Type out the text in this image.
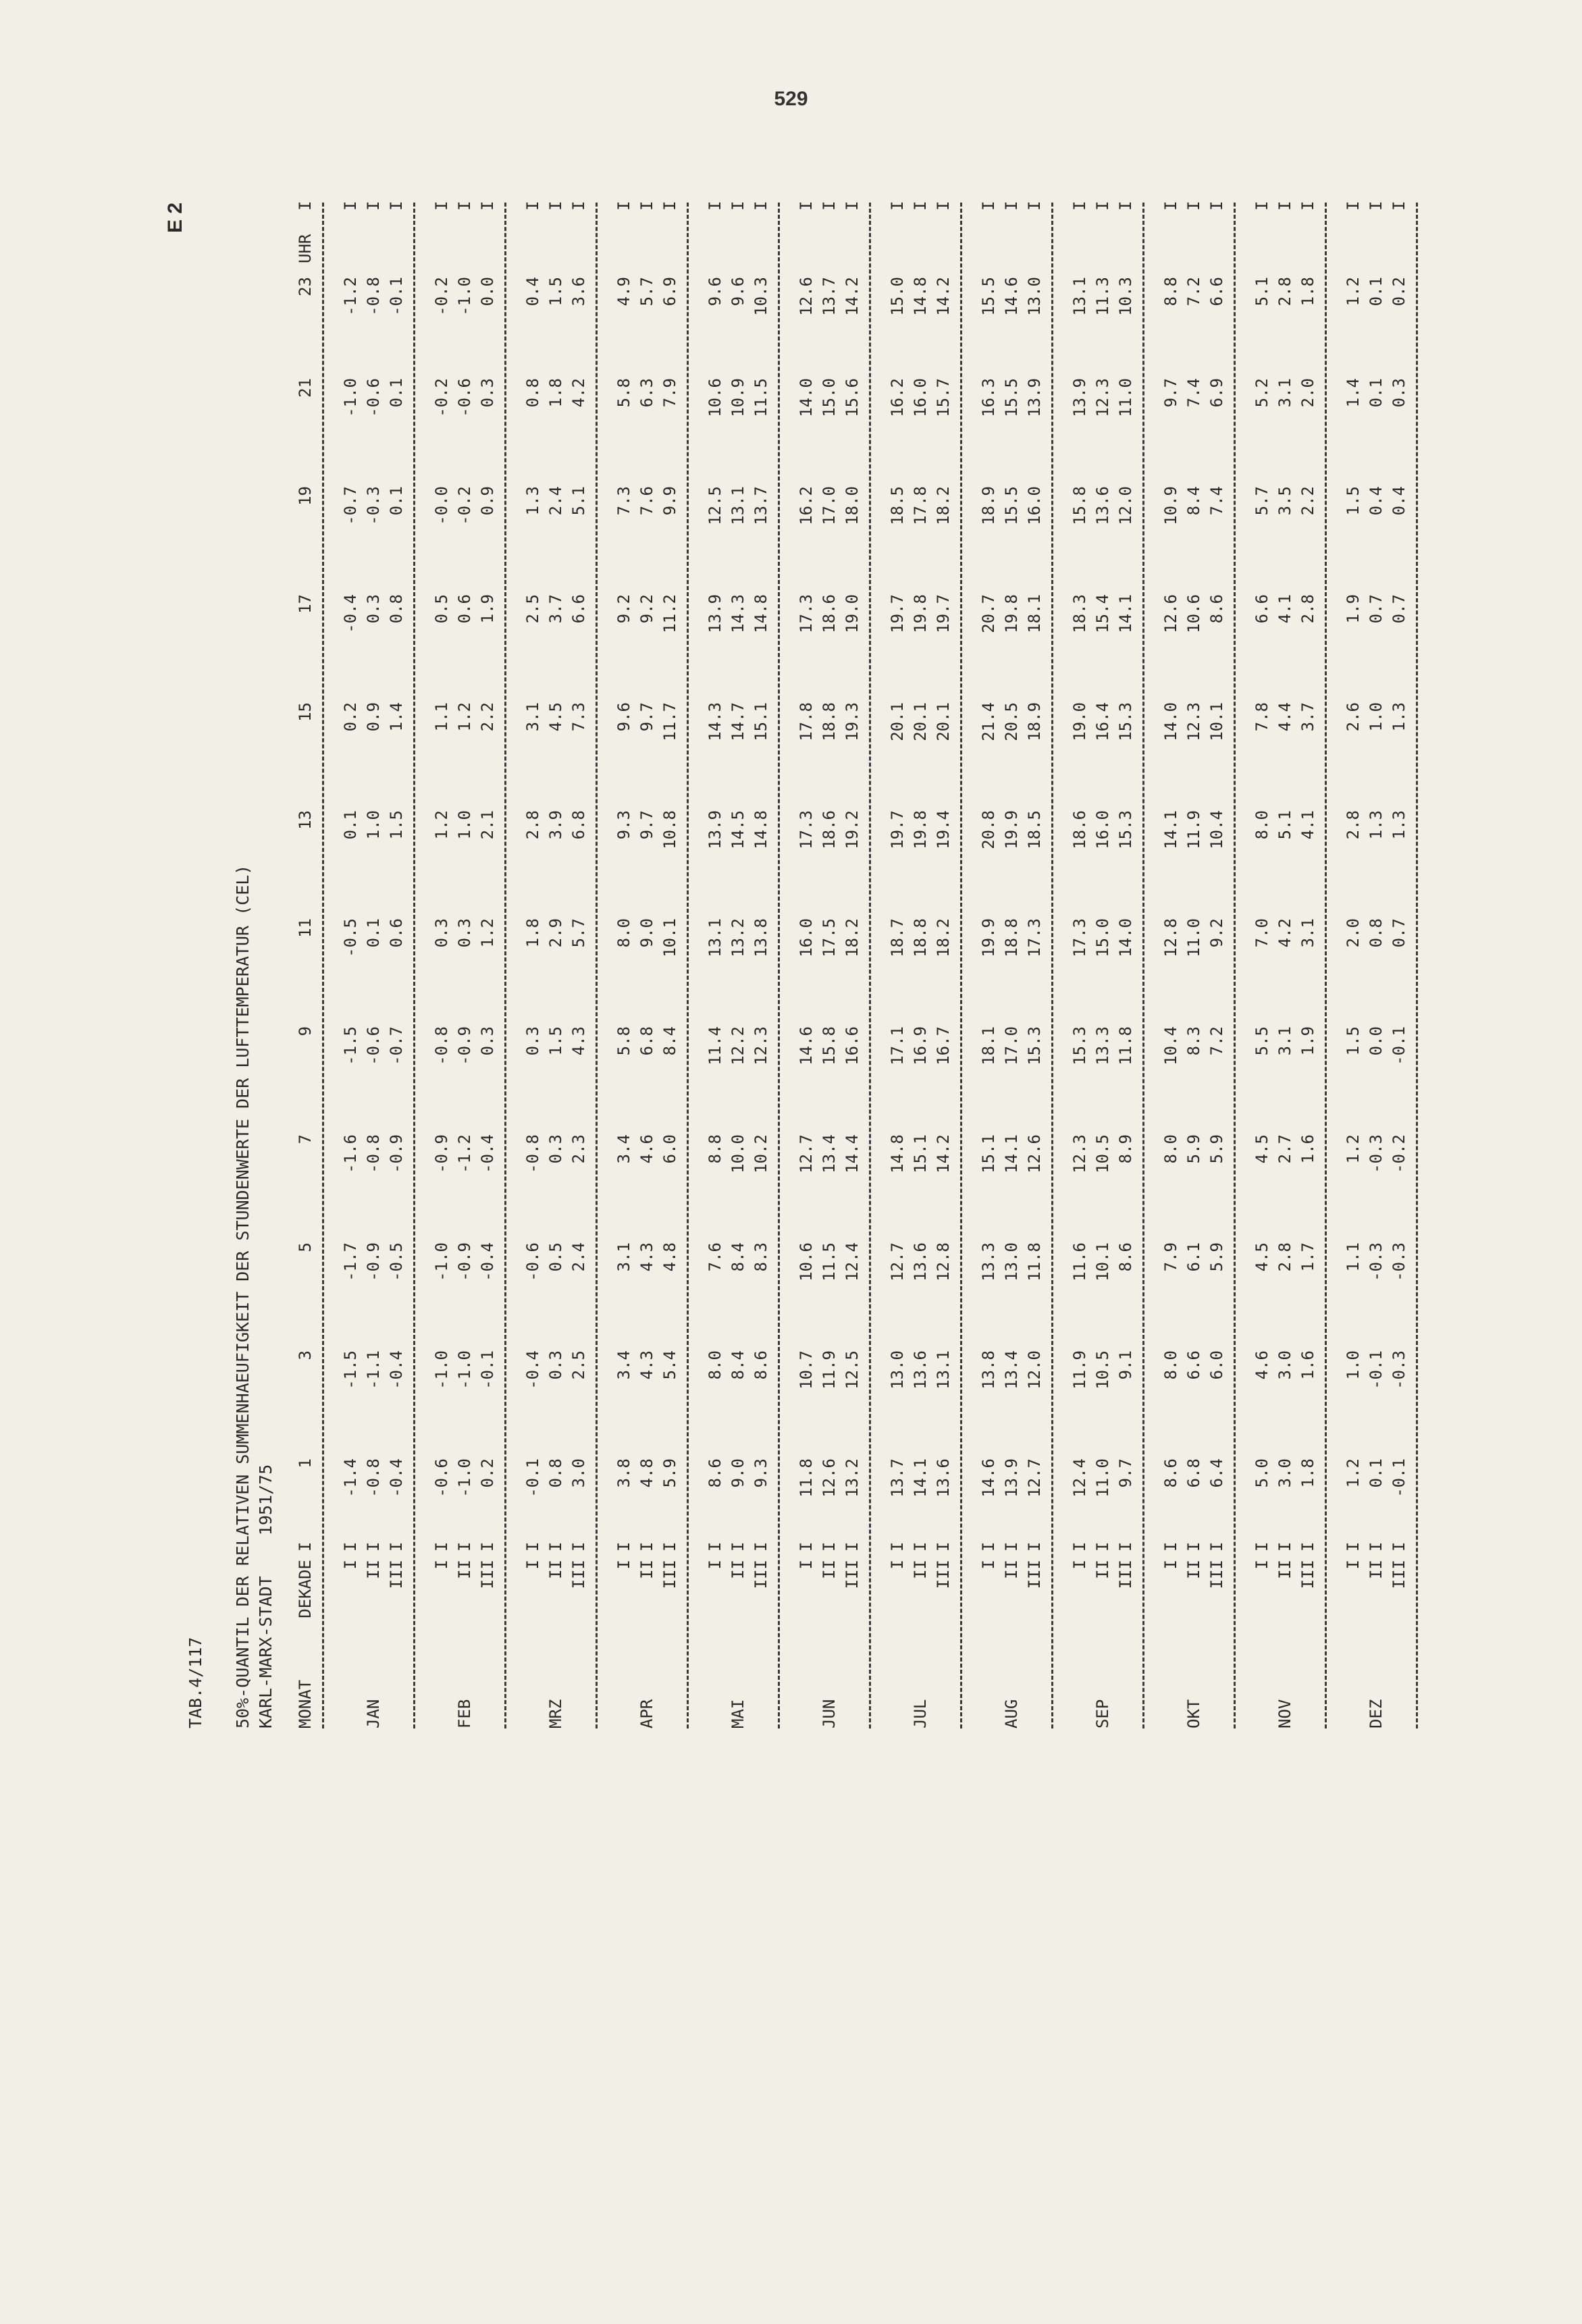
529
E 2
TAB.4/117 50%-QUANTIL DER RELATIVEN SUMMENHAEUFIGKEIT DER STUNDENWERTE DER LUFTTEMPERATUR (CEL) KARL-MARX-STADT  1951/75
MONAT
DEKADE
I
1
3
5
7
9
11
13
15
17
19
21
23
UHR
I
I
I
-1.4
-1.5
-1.7
-1.6
-1.5
-0.5
0.1
0.2
-0.4
-0.7
-1.0
-1.2
I
JAN
II
I
-0.8
-1.1
-0.9
-0.8
-0.6
0.1
1.0
0.9
0.3
-0.3
-0.6
-0.8
I
III
I
-0.4
-0.4
-0.5
-0.9
-0.7
0.6
1.5
1.4
0.8
0.1
0.1
-0.1
I
I
I
-0.6
-1.0
-1.0
-0.9
-0.8
0.3
1.2
1.1
0.5
-0.0
-0.2
-0.2
I
FEB
II
I
-1.0
-1.0
-0.9
-1.2
-0.9
0.3
1.0
1.2
0.6
-0.2
-0.6
-1.0
I
III
I
0.2
-0.1
-0.4
-0.4
0.3
1.2
2.1
2.2
1.9
0.9
0.3
0.0
I
I
I
-0.1
-0.4
-0.6
-0.8
0.3
1.8
2.8
3.1
2.5
1.3
0.8
0.4
I
MRZ
II
I
0.8
0.3
0.5
0.3
1.5
2.9
3.9
4.5
3.7
2.4
1.8
1.5
I
III
I
3.0
2.5
2.4
2.3
4.3
5.7
6.8
7.3
6.6
5.1
4.2
3.6
I
I
I
3.8
3.4
3.1
3.4
5.8
8.0
9.3
9.6
9.2
7.3
5.8
4.9
I
APR
II
I
4.8
4.3
4.3
4.6
6.8
9.0
9.7
9.7
9.2
7.6
6.3
5.7
I
III
I
5.9
5.4
4.8
6.0
8.4
10.1
10.8
11.7
11.2
9.9
7.9
6.9
I
I
I
8.6
8.0
7.6
8.8
11.4
13.1
13.9
14.3
13.9
12.5
10.6
9.6
I
MAI
II
I
9.0
8.4
8.4
10.0
12.2
13.2
14.5
14.7
14.3
13.1
10.9
9.6
I
III
I
9.3
8.6
8.3
10.2
12.3
13.8
14.8
15.1
14.8
13.7
11.5
10.3
I
I
I
11.8
10.7
10.6
12.7
14.6
16.0
17.3
17.8
17.3
16.2
14.0
12.6
I
JUN
II
I
12.6
11.9
11.5
13.4
15.8
17.5
18.6
18.8
18.6
17.0
15.0
13.7
I
III
I
13.2
12.5
12.4
14.4
16.6
18.2
19.2
19.3
19.0
18.0
15.6
14.2
I
I
I
13.7
13.0
12.7
14.8
17.1
18.7
19.7
20.1
19.7
18.5
16.2
15.0
I
JUL
II
I
14.1
13.6
13.6
15.1
16.9
18.8
19.8
20.1
19.8
17.8
16.0
14.8
I
III
I
13.6
13.1
12.8
14.2
16.7
18.2
19.4
20.1
19.7
18.2
15.7
14.2
I
I
I
14.6
13.8
13.3
15.1
18.1
19.9
20.8
21.4
20.7
18.9
16.3
15.5
I
AUG
II
I
13.9
13.4
13.0
14.1
17.0
18.8
19.9
20.5
19.8
15.5
15.5
14.6
I
III
I
12.7
12.0
11.8
12.6
15.3
17.3
18.5
18.9
18.1
16.0
13.9
13.0
I
I
I
12.4
11.9
11.6
12.3
15.3
17.3
18.6
19.0
18.3
15.8
13.9
13.1
I
SEP
II
I
11.0
10.5
10.1
10.5
13.3
15.0
16.0
16.4
15.4
13.6
12.3
11.3
I
III
I
9.7
9.1
8.6
8.9
11.8
14.0
15.3
15.3
14.1
12.0
11.0
10.3
I
I
I
8.6
8.0
7.9
8.0
10.4
12.8
14.1
14.0
12.6
10.9
9.7
8.8
I
OKT
II
I
6.8
6.6
6.1
5.9
8.3
11.0
11.9
12.3
10.6
8.4
7.4
7.2
I
III
I
6.4
6.0
5.9
5.9
7.2
9.2
10.4
10.1
8.6
7.4
6.9
6.6
I
I
I
5.0
4.6
4.5
4.5
5.5
7.0
8.0
7.8
6.6
5.7
5.2
5.1
I
NOV
II
I
3.0
3.0
2.8
2.7
3.1
4.2
5.1
4.4
4.1
3.5
3.1
2.8
I
III
I
1.8
1.6
1.7
1.6
1.9
3.1
4.1
3.7
2.8
2.2
2.0
1.8
I
I
I
1.2
1.0
1.1
1.2
1.5
2.0
2.8
2.6
1.9
1.5
1.4
1.2
I
DEZ
II
I
0.1
-0.1
-0.3
-0.3
0.0
0.8
1.3
1.0
0.7
0.4
0.1
0.1
I
III
I
-0.1
-0.3
-0.3
-0.2
-0.1
0.7
1.3
1.3
0.7
0.4
0.3
0.2
I
